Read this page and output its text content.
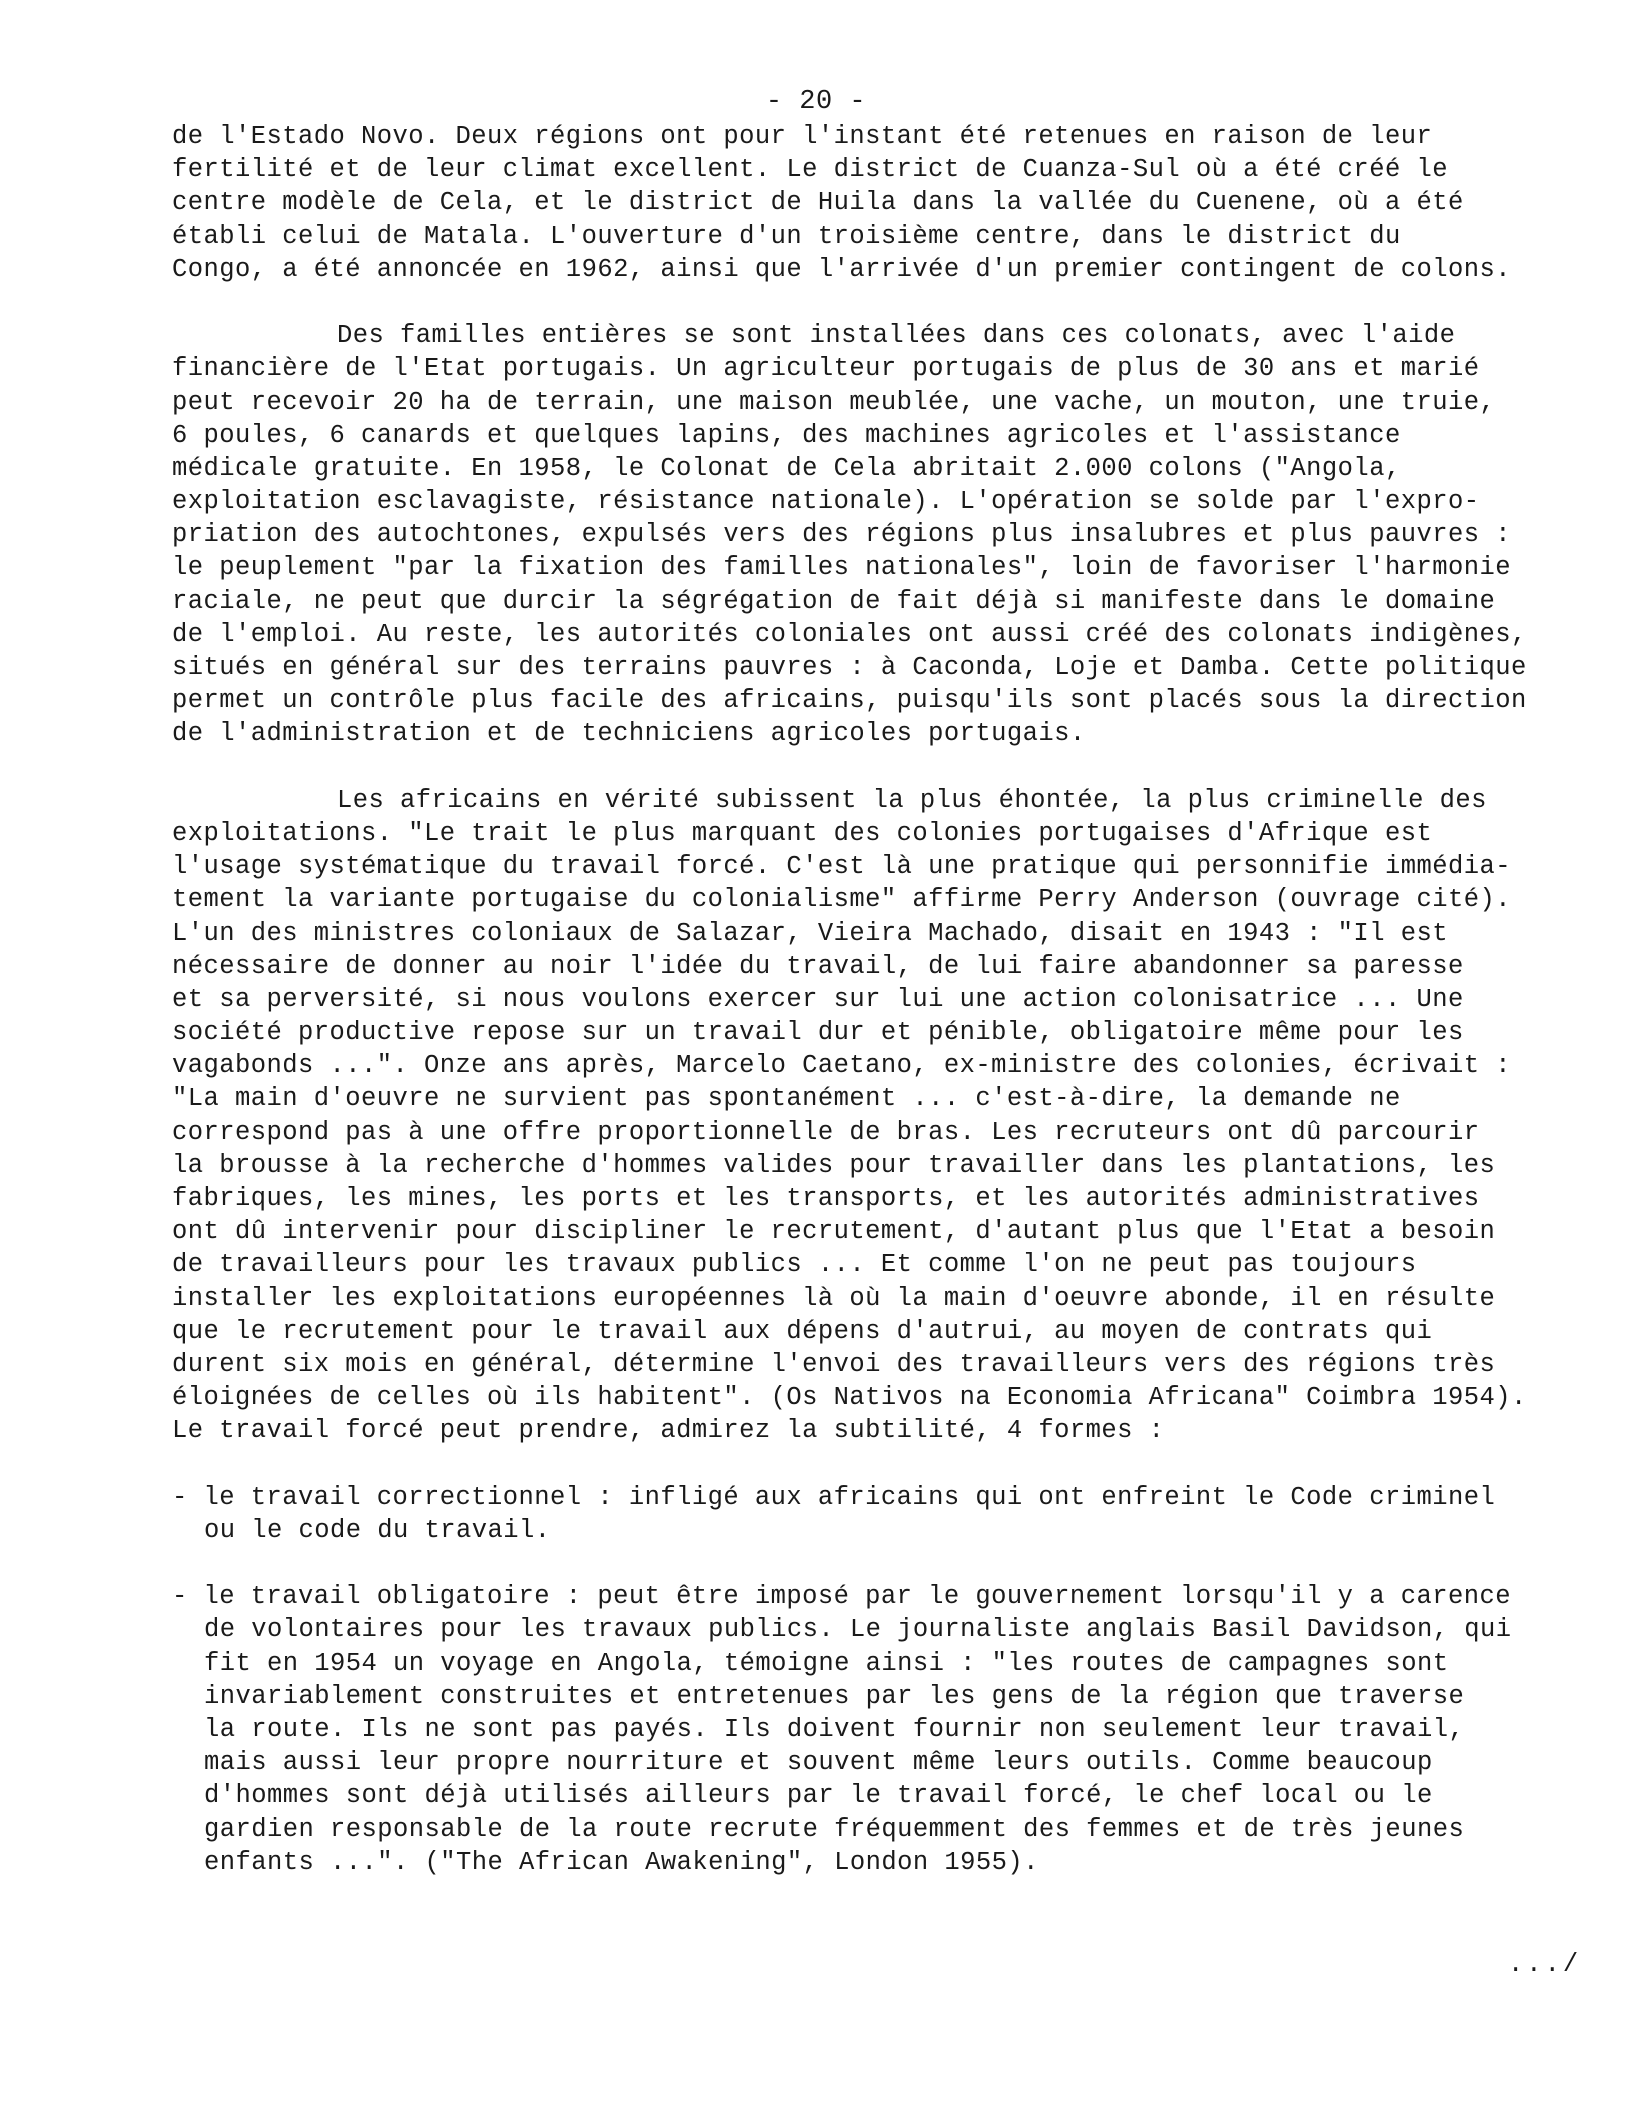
- 20 -
de l'Estado Novo. Deux régions ont pour l'instant été retenues en raison de leur
fertilité et de leur climat excellent. Le district de Cuanza-Sul où a été créé le
centre modèle de Cela, et le district de Huila dans la vallée du Cuenene, où a été
établi celui de Matala. L'ouverture d'un troisième centre, dans le district du
Congo, a été annoncée en 1962, ainsi que l'arrivée d'un premier contingent de colons.
Des familles entières se sont installées dans ces colonats, avec l'aide
financière de l'Etat portugais. Un agriculteur portugais de plus de 30 ans et marié
peut recevoir 20 ha de terrain, une maison meublée, une vache, un mouton, une truie,
6 poules, 6 canards et quelques lapins, des machines agricoles et l'assistance
médicale gratuite. En 1958, le Colonat de Cela abritait 2.000 colons ("Angola,
exploitation esclavagiste, résistance nationale). L'opération se solde par l'expro-
priation des autochtones, expulsés vers des régions plus insalubres et plus pauvres :
le peuplement "par la fixation des familles nationales", loin de favoriser l'harmonie
raciale, ne peut que durcir la ségrégation de fait déjà si manifeste dans le domaine
de l'emploi. Au reste, les autorités coloniales ont aussi créé des colonats indigènes,
situés en général sur des terrains pauvres : à Caconda, Loje et Damba. Cette politique
permet un contrôle plus facile des africains, puisqu'ils sont placés sous la direction
de l'administration et de techniciens agricoles portugais.
Les africains en vérité subissent la plus éhontée, la plus criminelle des
exploitations. "Le trait le plus marquant des colonies portugaises d'Afrique est
l'usage systématique du travail forcé. C'est là une pratique qui personnifie immédia-
tement la variante portugaise du colonialisme" affirme Perry Anderson (ouvrage cité).
L'un des ministres coloniaux de Salazar, Vieira Machado, disait en 1943 : "Il est
nécessaire de donner au noir l'idée du travail, de lui faire abandonner sa paresse
et sa perversité, si nous voulons exercer sur lui une action colonisatrice ... Une
société productive repose sur un travail dur et pénible, obligatoire même pour les
vagabonds ...". Onze ans après, Marcelo Caetano, ex-ministre des colonies, écrivait :
"La main d'oeuvre ne survient pas spontanément ... c'est-à-dire, la demande ne
correspond pas à une offre proportionnelle de bras. Les recruteurs ont dû parcourir
la brousse à la recherche d'hommes valides pour travailler dans les plantations, les
fabriques, les mines, les ports et les transports, et les autorités administratives
ont dû intervenir pour discipliner le recrutement, d'autant plus que l'Etat a besoin
de travailleurs pour les travaux publics ... Et comme l'on ne peut pas toujours
installer les exploitations européennes là où la main d'oeuvre abonde, il en résulte
que le recrutement pour le travail aux dépens d'autrui, au moyen de contrats qui
durent six mois en général, détermine l'envoi des travailleurs vers des régions très
éloignées de celles où ils habitent". (Os Nativos na Economia Africana" Coimbra 1954).
Le travail forcé peut prendre, admirez la subtilité, 4 formes :
- le travail correctionnel : infligé aux africains qui ont enfreint le Code criminel
ou le code du travail.
- le travail obligatoire : peut être imposé par le gouvernement lorsqu'il y a carence
de volontaires pour les travaux publics. Le journaliste anglais Basil Davidson, qui
fit en 1954 un voyage en Angola, témoigne ainsi : "les routes de campagnes sont
invariablement construites et entretenues par les gens de la région que traverse
la route. Ils ne sont pas payés. Ils doivent fournir non seulement leur travail,
mais aussi leur propre nourriture et souvent même leurs outils. Comme beaucoup
d'hommes sont déjà utilisés ailleurs par le travail forcé, le chef local ou le
gardien responsable de la route recrute fréquemment des femmes et de très jeunes
enfants ...". ("The African Awakening", London 1955).
.../
